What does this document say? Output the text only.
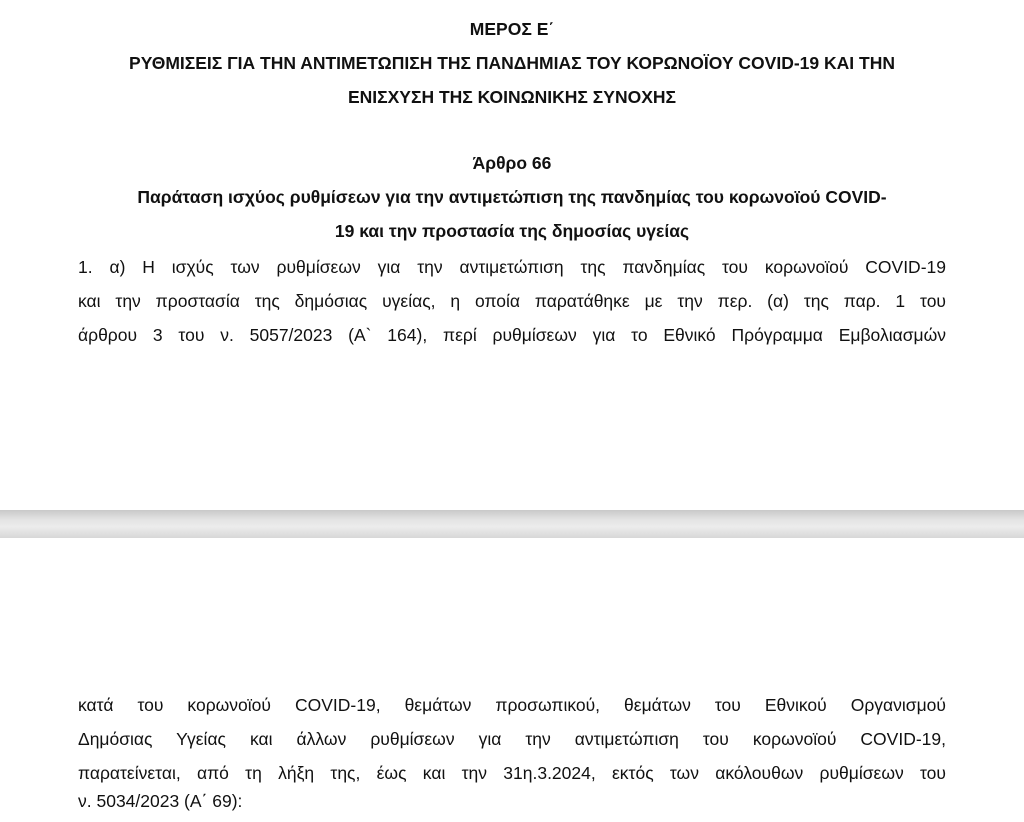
ΜΕΡΟΣ Ε΄
ΡΥΘΜΙΣΕΙΣ ΓΙΑ ΤΗΝ ΑΝΤΙΜΕΤΩΠΙΣΗ ΤΗΣ ΠΑΝΔΗΜΙΑΣ ΤΟΥ ΚΟΡΩΝΟΪΟΥ COVID-19 ΚΑΙ ΤΗΝ
ΕΝΙΣΧΥΣΗ ΤΗΣ ΚΟΙΝΩΝΙΚΗΣ ΣΥΝΟΧΗΣ
Άρθρο 66
Παράταση ισχύος ρυθμίσεων για την αντιμετώπιση της πανδημίας του κορωνοϊού COVID-
19 και την προστασία της δημοσίας υγείας
1. α) Η ισχύς των ρυθμίσεων για την αντιμετώπιση της πανδημίας του κορωνοϊού COVID-19
και την προστασία της δημόσιας υγείας, η οποία παρατάθηκε με την περ. (α) της παρ. 1 του
άρθρου 3 του ν. 5057/2023 (Α` 164), περί ρυθμίσεων για το Εθνικό Πρόγραμμα Εμβολιασμών
κατά του κορωνοϊού COVID-19, θεμάτων προσωπικού, θεμάτων του Εθνικού Οργανισμού
Δημόσιας Υγείας και άλλων ρυθμίσεων για την αντιμετώπιση του κορωνοϊού COVID-19,
παρατείνεται, από τη λήξη της, έως και την 31η.3.2024, εκτός των ακόλουθων ρυθμίσεων του
ν. 5034/2023 (Α΄ 69):
